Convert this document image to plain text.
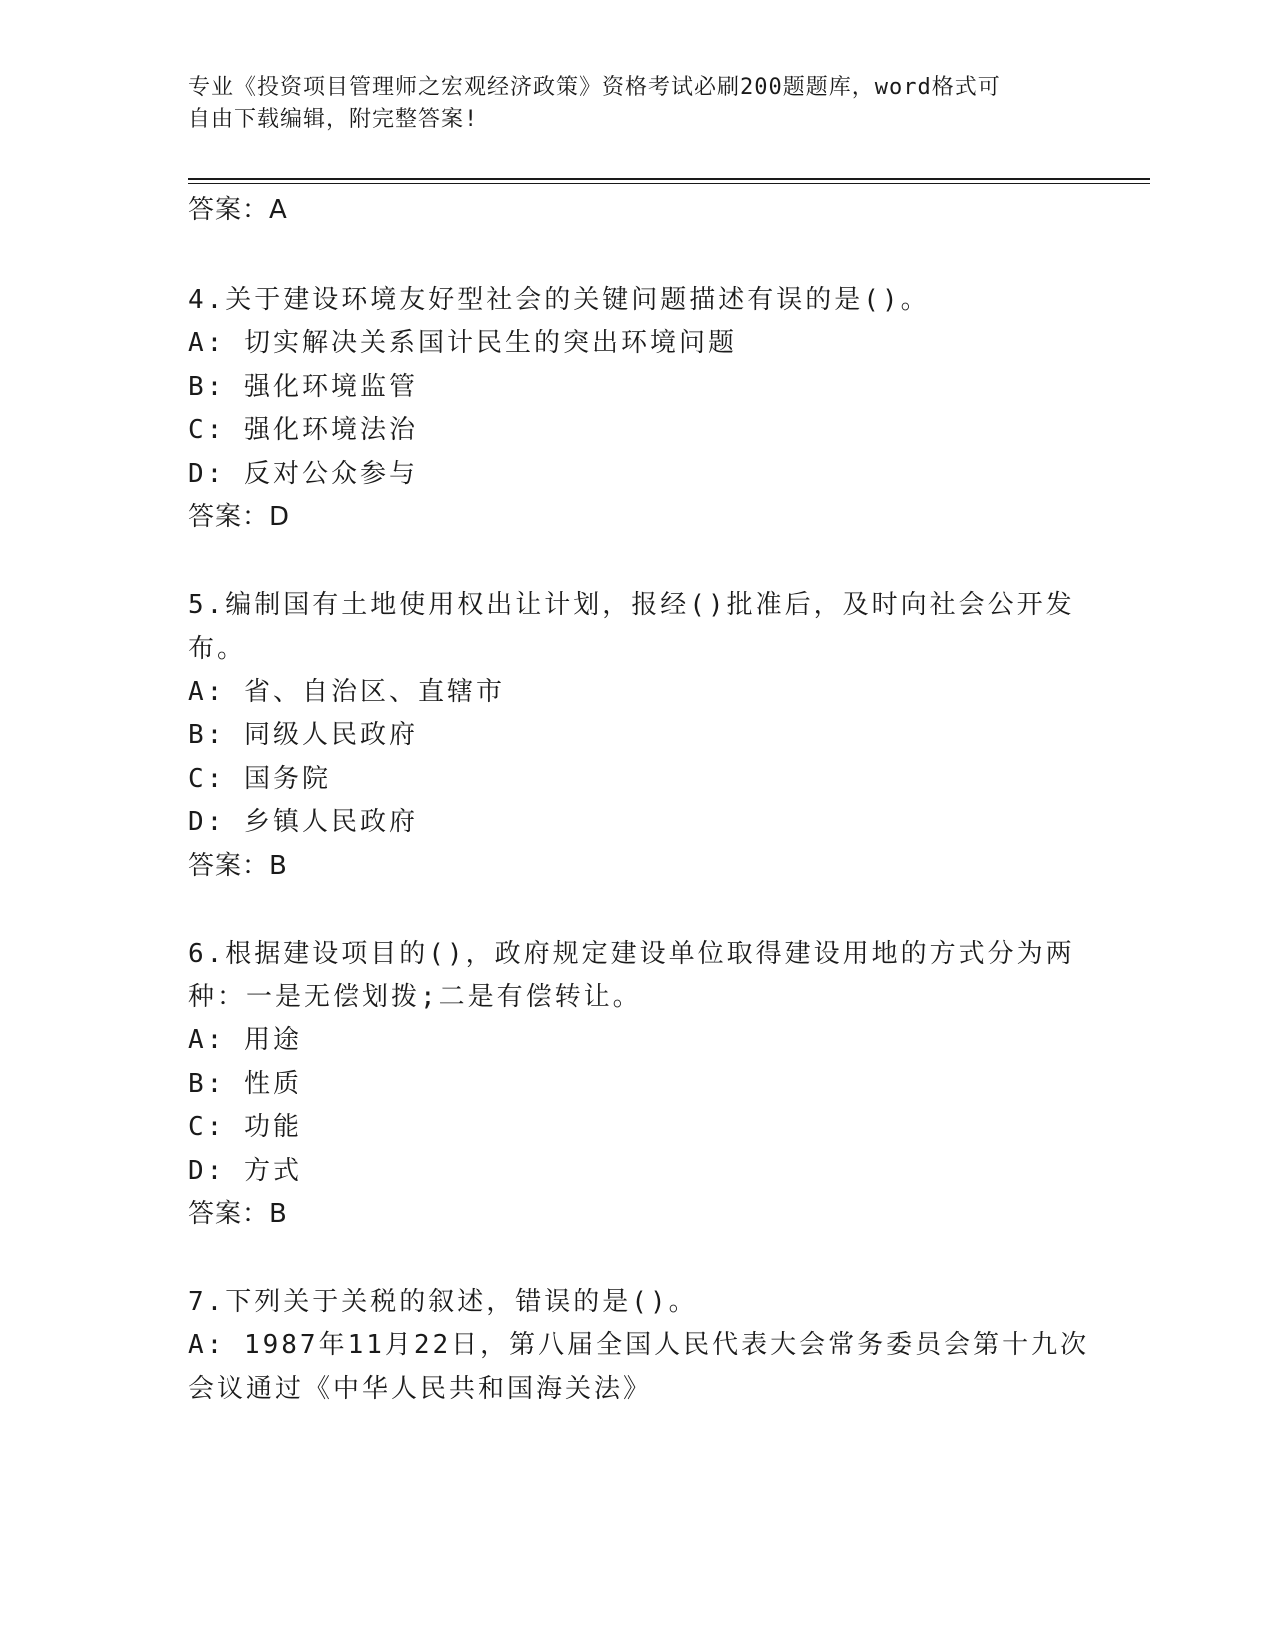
专业《投资项目管理师之宏观经济政策》资格考试必刷200题题库，word格式可
自由下载编辑，附完整答案!
答案：A
4.关于建设环境友好型社会的关键问题描述有误的是()。
A: 切实解决关系国计民生的突出环境问题
B: 强化环境监管
C: 强化环境法治
D: 反对公众参与
答案：D
5.编制国有土地使用权出让计划，报经()批准后，及时向社会公开发
布。
A: 省、自治区、直辖市
B: 同级人民政府
C: 国务院
D: 乡镇人民政府
答案：B
6.根据建设项目的()，政府规定建设单位取得建设用地的方式分为两
种：一是无偿划拨;二是有偿转让。
A: 用途
B: 性质
C: 功能
D: 方式
答案：B
7.下列关于关税的叙述，错误的是()。
A: 1987年11月22日，第八届全国人民代表大会常务委员会第十九次
会议通过《中华人民共和国海关法》
